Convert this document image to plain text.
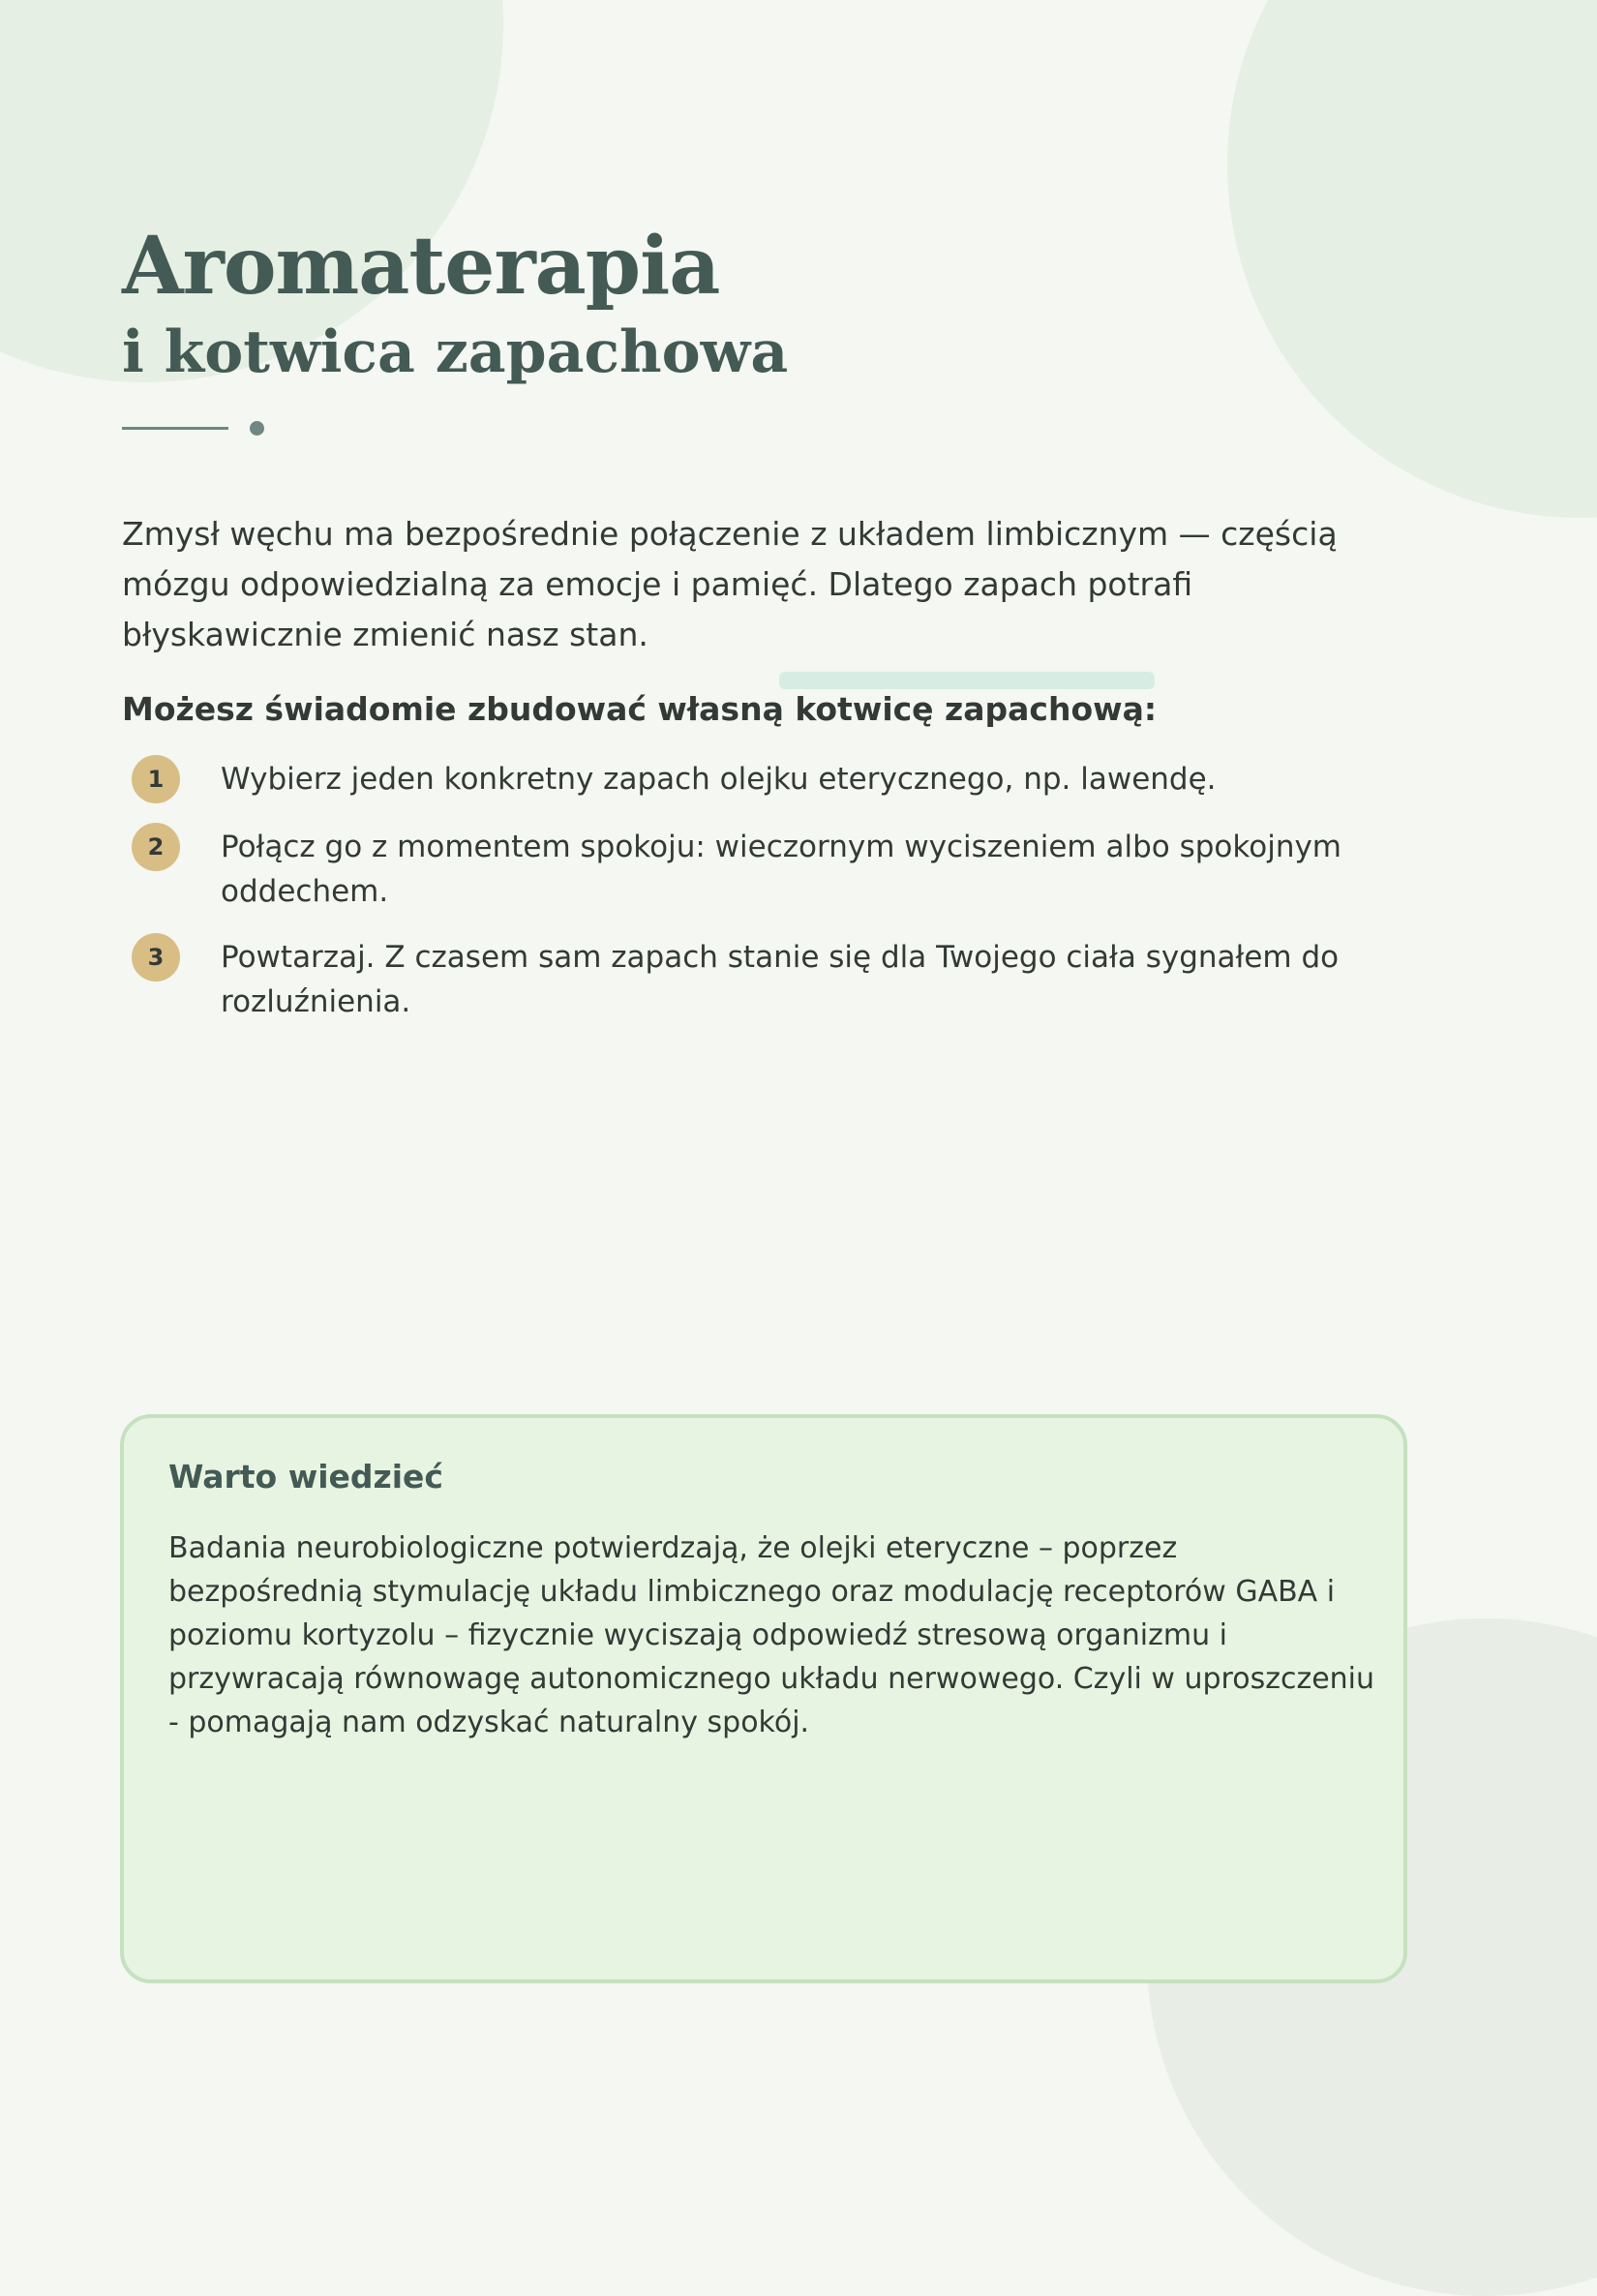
Aromaterapia
i kotwica zapachowa

Zmysł węchu ma bezpośrednie połączenie z układem limbicznym — częścią mózgu odpowiedzialną za emocje i pamięć. Dlatego zapach potrafi błyskawicznie zmienić nasz stan.

Możesz świadomie zbudować własną kotwicę zapachową:

1	Wybierz jeden konkretny zapach olejku eterycznego, np. lawendę.
2	Połącz go z momentem spokoju: wieczornym wyciszeniem albo spokojnym oddechem.
3	Powtarzaj. Z czasem sam zapach stanie się dla Twojego ciała sygnałem do rozluźnienia.
Warto wiedzieć

Badania neurobiologiczne potwierdzają, że olejki eteryczne – poprzez bezpośrednią stymulację układu limbicznego oraz modulację receptorów GABA i poziomu kortyzolu – fizycznie wyciszają odpowiedź stresową organizmu i przywracają równowagę autonomicznego układu nerwowego. Czyli w uproszczeniu - pomagają nam odzyskać naturalny spokój.
